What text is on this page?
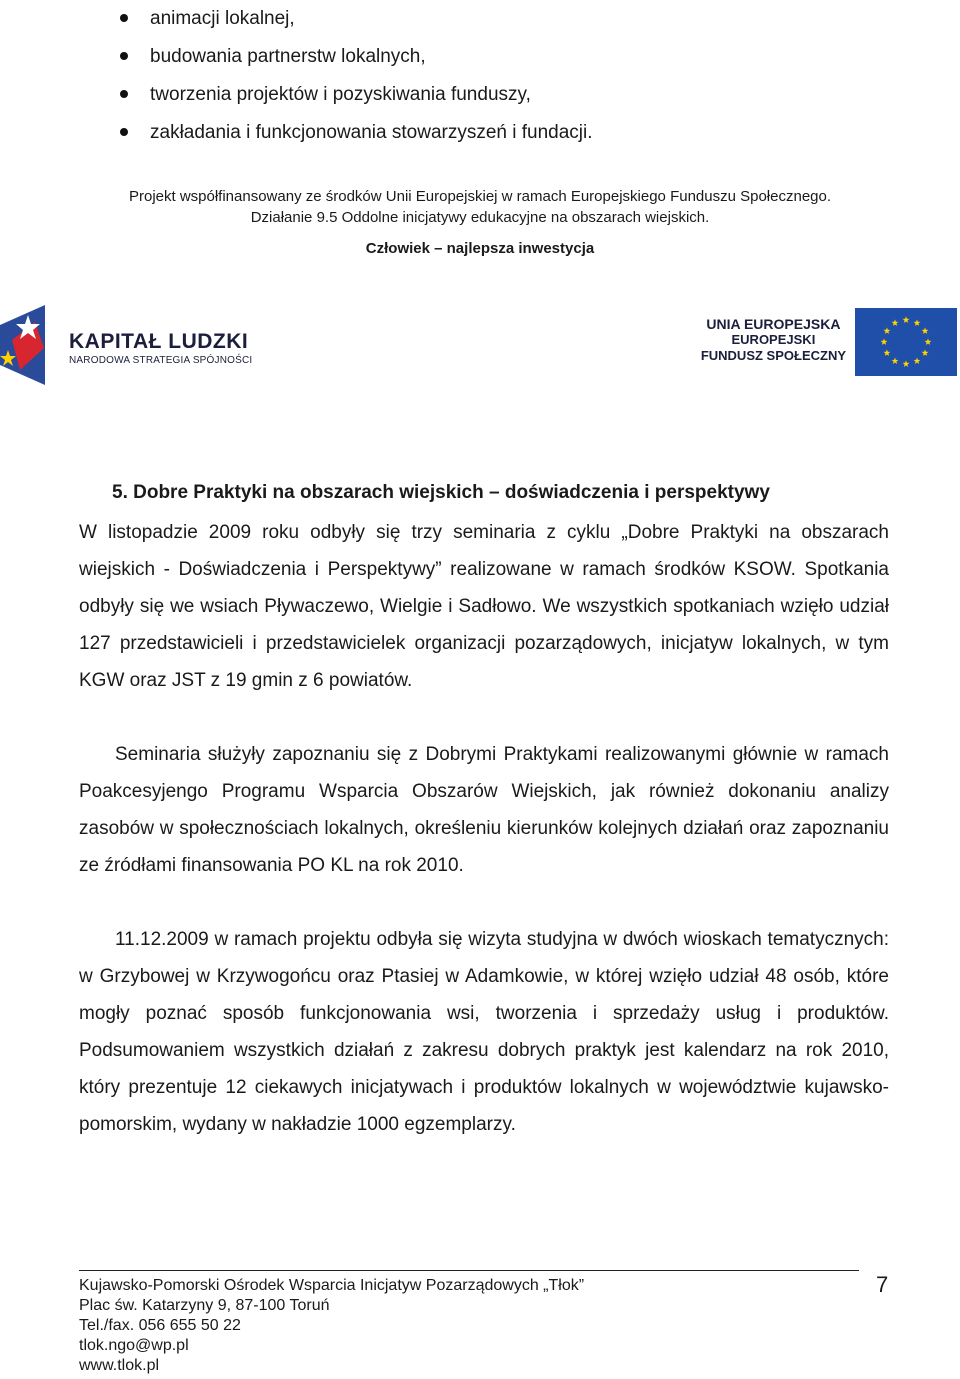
animacji lokalnej,
budowania partnerstw lokalnych,
tworzenia projektów i pozyskiwania funduszy,
zakładania i funkcjonowania stowarzyszeń i fundacji.
Projekt współfinansowany ze środków Unii Europejskiej w ramach Europejskiego Funduszu Społecznego.
Działanie 9.5 Oddolne inicjatywy edukacyjne na obszarach wiejskich.
Człowiek – najlepsza inwestycja
KAPITAŁ LUDZKI
NARODOWA STRATEGIA SPÓJNOŚCI
UNIA EUROPEJSKA
EUROPEJSKI
FUNDUSZ SPOŁECZNY
5. Dobre Praktyki na obszarach wiejskich – doświadczenia i perspektywy
W listopadzie 2009 roku odbyły się trzy seminaria z cyklu „Dobre Praktyki na obszarach wiejskich - Doświadczenia i Perspektywy” realizowane w ramach środków KSOW. Spotkania odbyły się we wsiach Pływaczewo, Wielgie i Sadłowo. We wszystkich spotkaniach wzięło udział 127 przedstawicieli i przedstawicielek organizacji pozarządowych, inicjatyw lokalnych, w tym KGW oraz JST z 19 gmin z 6 powiatów.
Seminaria służyły zapoznaniu się z Dobrymi Praktykami realizowanymi głównie w ramach Poakcesyjengo Programu Wsparcia Obszarów Wiejskich, jak również dokonaniu analizy zasobów w społecznościach lokalnych, określeniu kierunków kolejnych działań oraz zapoznaniu ze źródłami finansowania PO KL na rok 2010.
11.12.2009 w ramach projektu odbyła się wizyta studyjna w dwóch wioskach tematycznych: w Grzybowej w Krzywogońcu oraz Ptasiej w Adamkowie, w której wzięło udział 48 osób, które mogły poznać sposób funkcjonowania wsi, tworzenia i sprzedaży usług i produktów. Podsumowaniem wszystkich działań z zakresu dobrych praktyk jest kalendarz na rok 2010, który prezentuje 12 ciekawych inicjatywach i produktów lokalnych w województwie kujawsko-pomorskim, wydany w nakładzie 1000 egzemplarzy.
Kujawsko-Pomorski Ośrodek Wsparcia Inicjatyw Pozarządowych „Tłok”
Plac św. Katarzyny 9, 87-100 Toruń
Tel./fax. 056 655 50 22
tlok.ngo@wp.pl
www.tlok.pl
7
